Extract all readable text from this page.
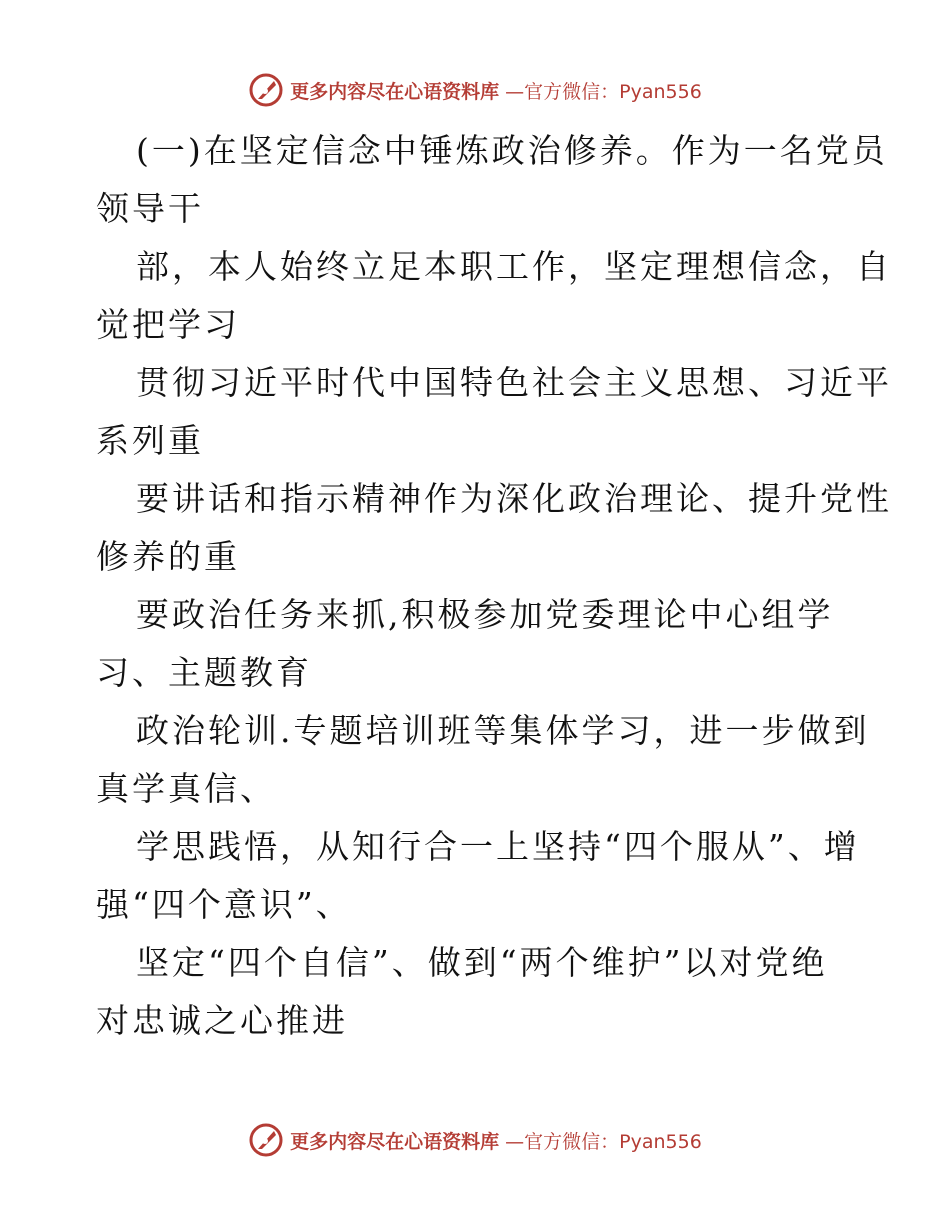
更多内容尽在心语资料库 —官方微信：Pyan556
(一)在坚定信念中锤炼政治修养。作为一名党员
领导干
部，本人始终立足本职工作，坚定理想信念，自
觉把学习
贯彻习近平时代中国特色社会主义思想、习近平
系列重
要讲话和指示精神作为深化政治理论、提升党性
修养的重
要政治任务来抓,积极参加党委理论中心组学
习、主题教育
政治轮训.专题培训班等集体学习，进一步做到
真学真信、
学思践悟，从知行合一上坚持“四个服从”、增
强“四个意识”、
坚定“四个自信”、做到“两个维护”以对党绝
对忠诚之心推进
更多内容尽在心语资料库 —官方微信：Pyan556
